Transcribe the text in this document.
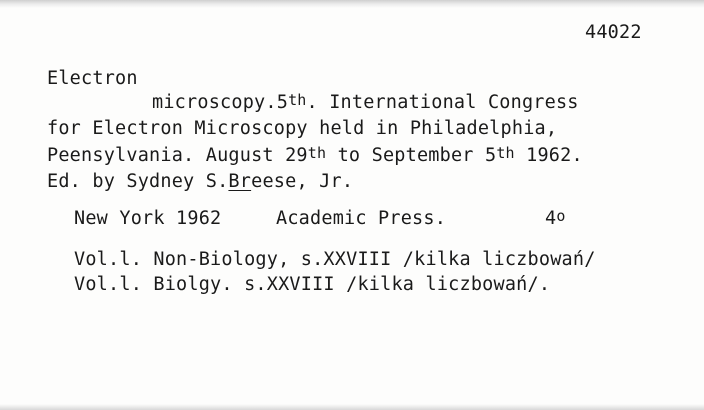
44022
Electron
microscopy.5th. International Congress
for Electron Microscopy held in Philadelphia,
Peensylvania. August 29th to September 5th 1962.
Ed. by Sydney S.Breese, Jr.
New York 1962	Academic Press.	4$^o$
Vol.l. Non-Biology, s.XXVIII /kilka liczbowań/
Vol.l. Biolgy. s.XXVIII /kilka liczbowań/.
